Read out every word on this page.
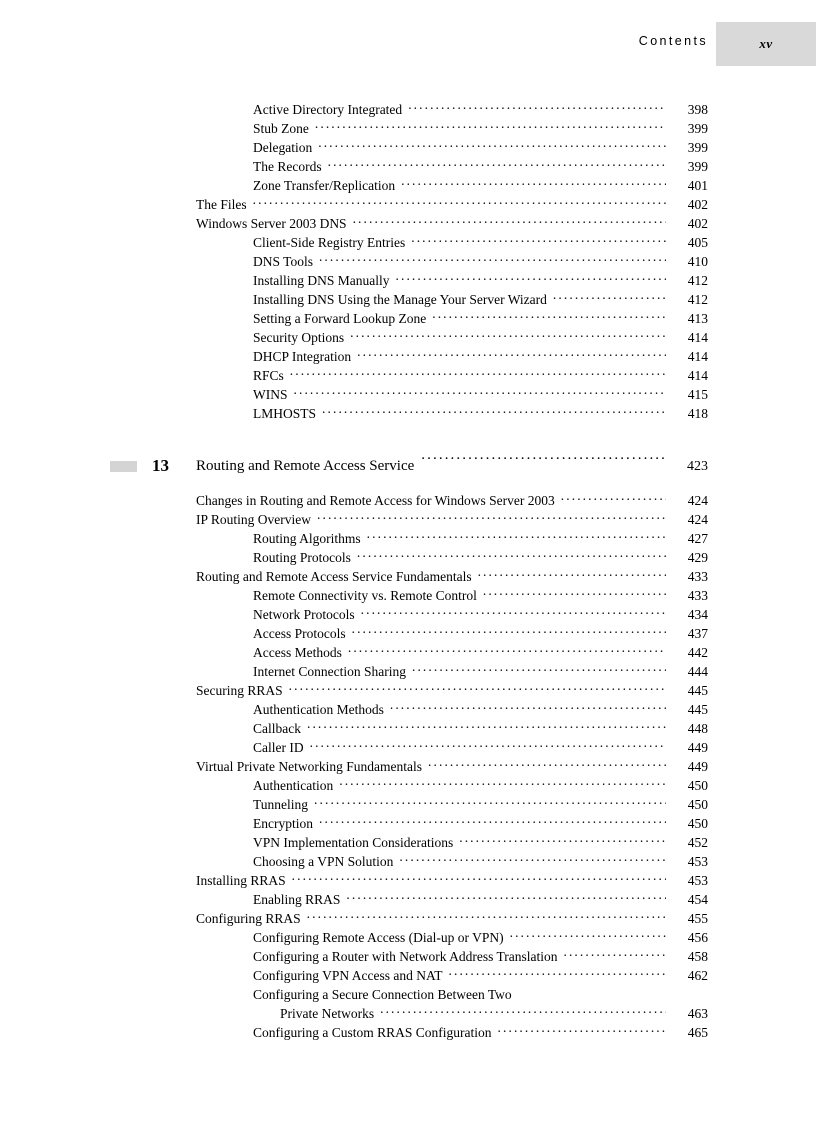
Contents	xv
Active Directory Integrated .....	398
Stub Zone .....	399
Delegation .....	399
The Records .....	399
Zone Transfer/Replication .....	401
The Files .....	402
Windows Server 2003 DNS .....	402
Client-Side Registry Entries .....	405
DNS Tools .....	410
Installing DNS Manually .....	412
Installing DNS Using the Manage Your Server Wizard .....	412
Setting a Forward Lookup Zone .....	413
Security Options .....	414
DHCP Integration .....	414
RFCs .....	414
WINS .....	415
LMHOSTS .....	418
13 Routing and Remote Access Service .....	423
Changes in Routing and Remote Access for Windows Server 2003 .....	424
IP Routing Overview .....	424
Routing Algorithms .....	427
Routing Protocols .....	429
Routing and Remote Access Service Fundamentals .....	433
Remote Connectivity vs. Remote Control .....	433
Network Protocols .....	434
Access Protocols .....	437
Access Methods .....	442
Internet Connection Sharing .....	444
Securing RRAS .....	445
Authentication Methods .....	445
Callback .....	448
Caller ID .....	449
Virtual Private Networking Fundamentals .....	449
Authentication .....	450
Tunneling .....	450
Encryption .....	450
VPN Implementation Considerations .....	452
Choosing a VPN Solution .....	453
Installing RRAS .....	453
Enabling RRAS .....	454
Configuring RRAS .....	455
Configuring Remote Access (Dial-up or VPN) .....	456
Configuring a Router with Network Address Translation .....	458
Configuring VPN Access and NAT .....	462
Configuring a Secure Connection Between Two
Private Networks .....	463
Configuring a Custom RRAS Configuration .....	465
